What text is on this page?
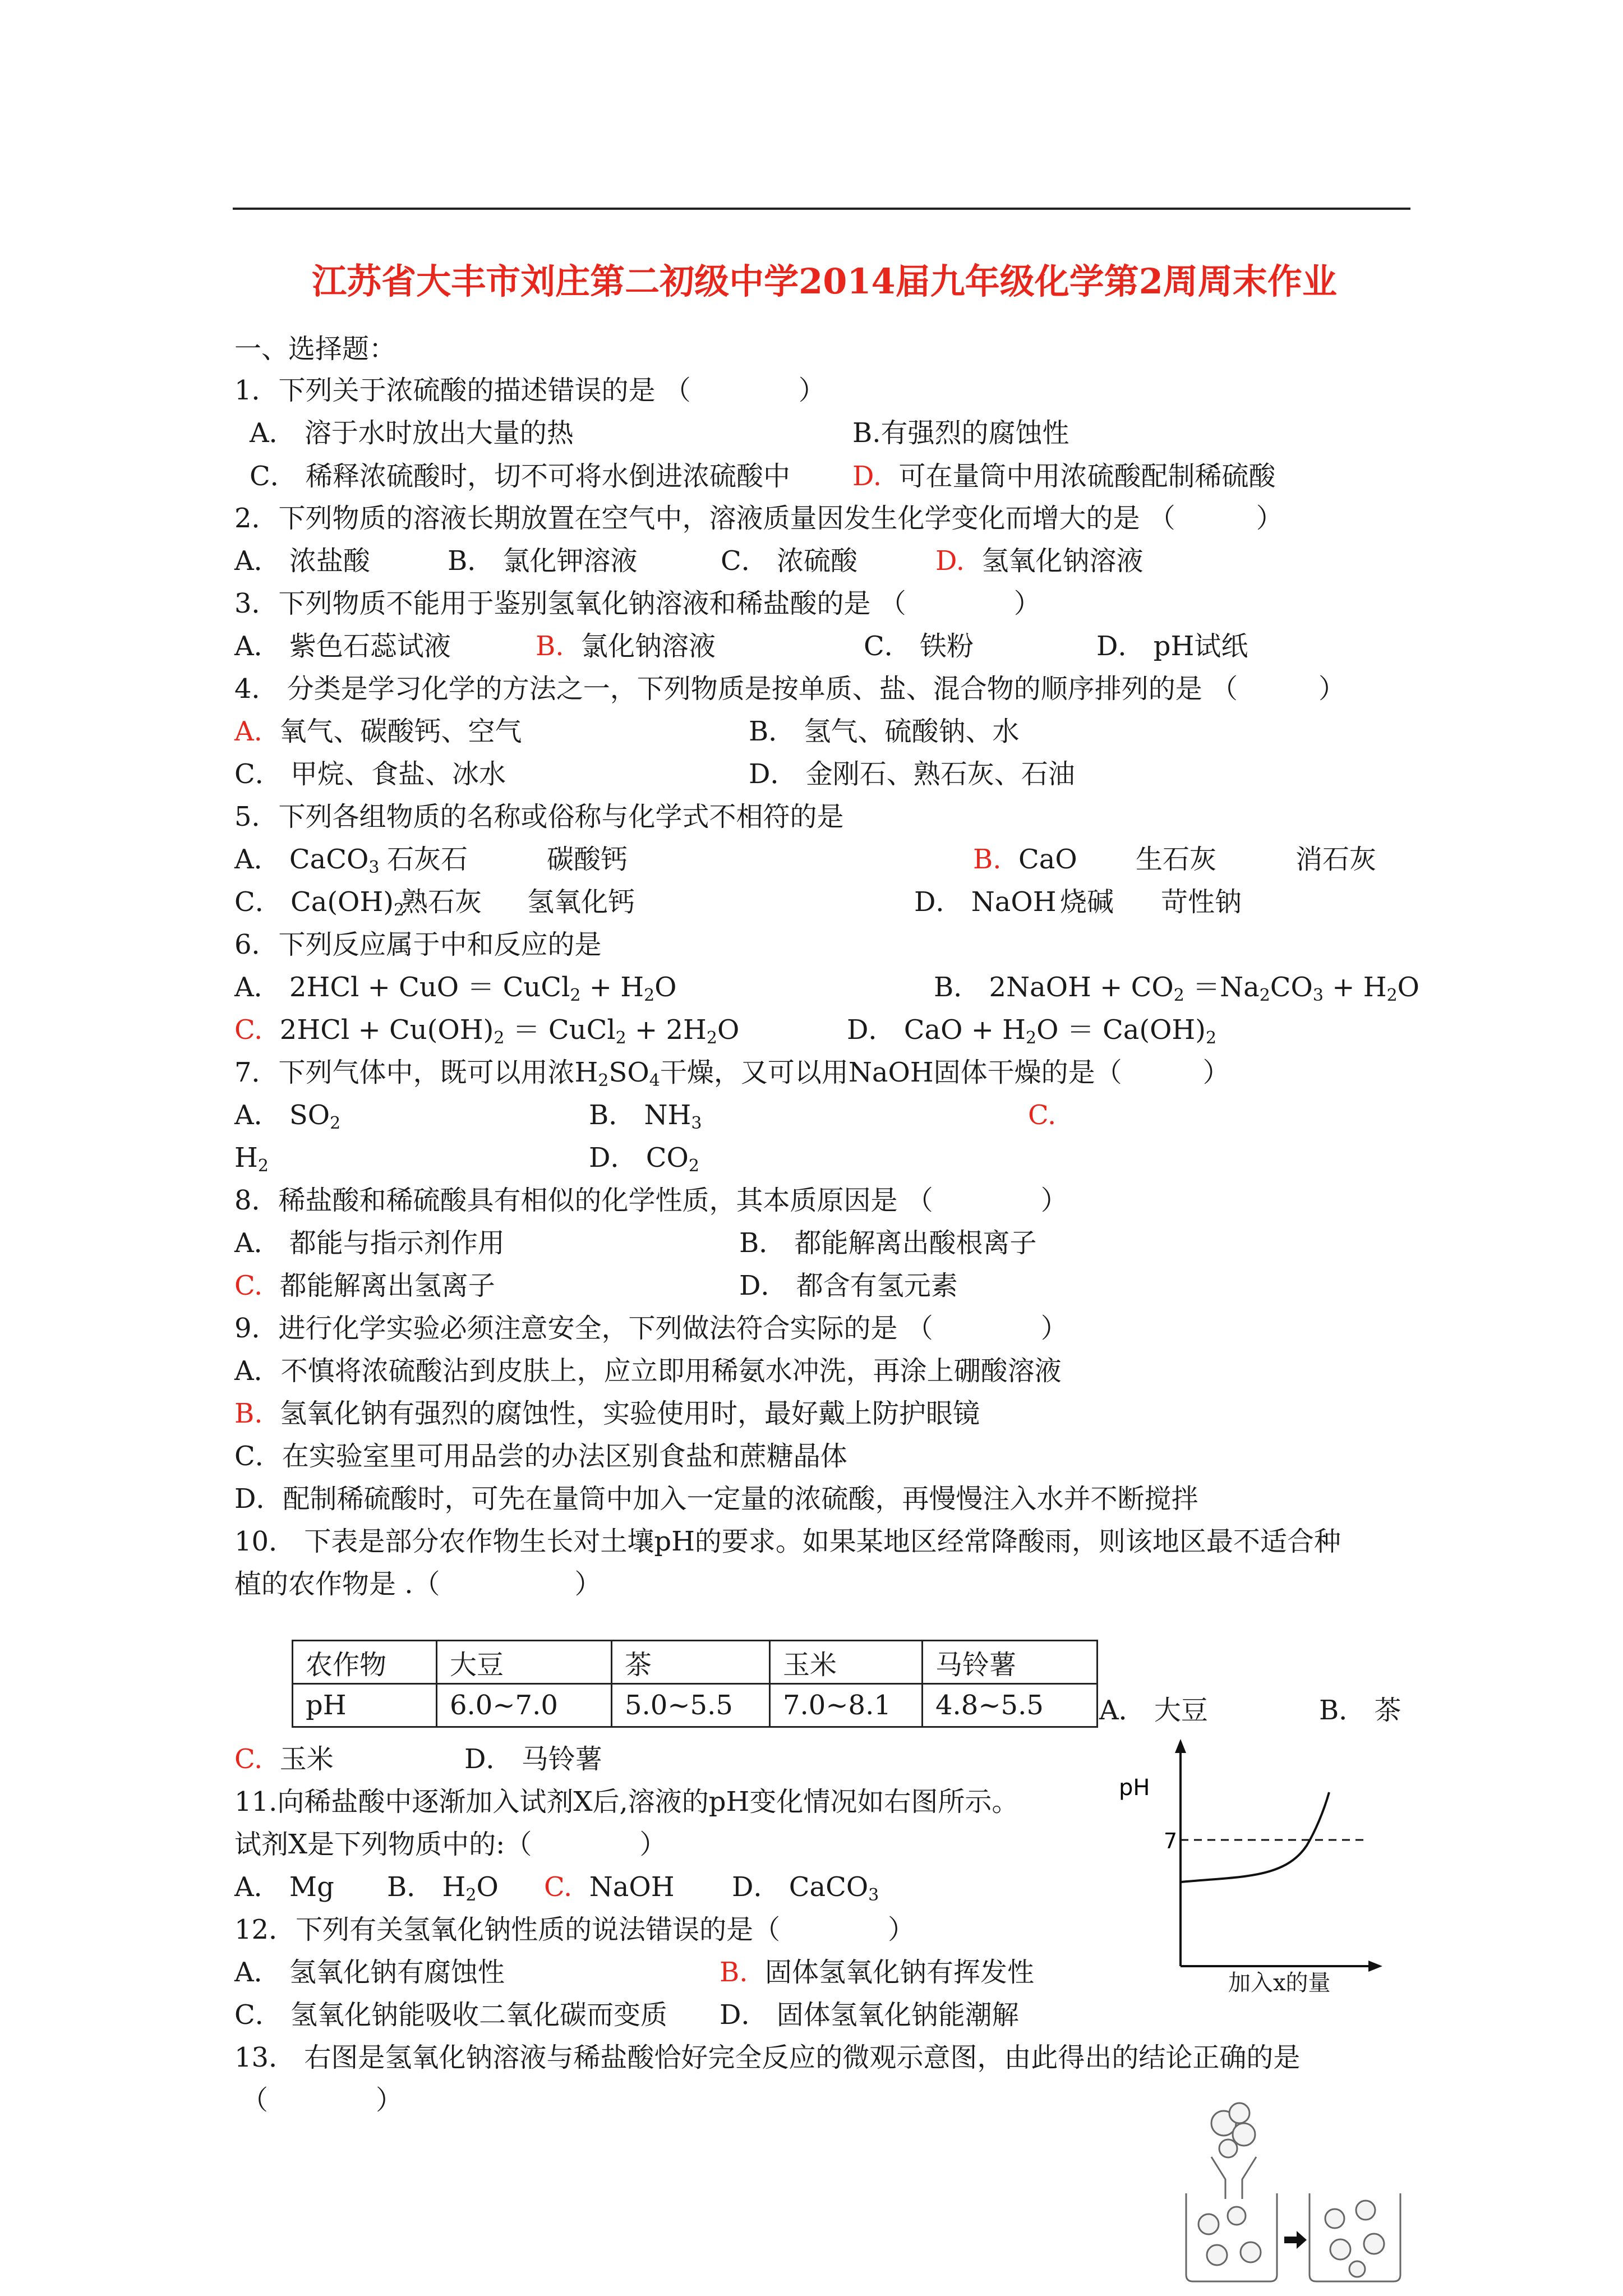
江苏省大丰市刘庄第二初级中学2014届九年级化学第2周周末作业
一、选择题：
1．下列关于浓硫酸的描述错误的是 （　　　　）
A． 溶于水时放出大量的热	B.有强烈的腐蚀性
C． 稀释浓硫酸时，切不可将水倒进浓硫酸中 D. 可在量筒中用浓硫酸配制稀硫酸
2．下列物质的溶液长期放置在空气中，溶液质量因发生化学变化而增大的是 （　　　）
A． 浓盐酸	B． 氯化钾溶液	C． 浓硫酸	D. 氢氧化钠溶液
3．下列物质不能用于鉴别氢氧化钠溶液和稀盐酸的是 （　　　　）
A． 紫色石蕊试液	B. 氯化钠溶液	C． 铁粉	D． pH试纸
4． 分类是学习化学的方法之一，下列物质是按单质、盐、混合物的顺序排列的是 （　　　）
A. 氧气、碳酸钙、空气	B． 氢气、硫酸钠、水
C． 甲烷、食盐、冰水	D． 金刚石、熟石灰、石油
5．下列各组物质的名称或俗称与化学式不相符的是
A． CaCO$_3$ 石灰石	碳酸钙	B. CaO 生石灰	消石灰
C． $Ca(OH)_2$
熟石灰 氢氧化钙	D． NaOH 烧碱 苛性钠
6．下列反应属于中和反应的是
A． 2HCl + CuO ＝ CuCl$_2$ + $H_2O$	B． 2NaOH + $CO_2 =Na_2CO_3 + H_2O$
C. $2HCl + Cu(OH)_2$ ＝ CuCl$_2$ + $2H_2O$	D． CaO + $H_2O = Ca(OH)_2$
7．下列气体中，既可以用浓$H_2SO_4$干燥，又可以用NaOH固体干燥的是（　　　）
A． $SO_2$	B． $NH_3$	C.
$H_2$	D． $CO_2$
8．稀盐酸和稀硫酸具有相似的化学性质，其本质原因是 （　　　　）
A． 都能与指示剂作用	B． 都能解离出酸根离子
C. 都能解离出氢离子	D． 都含有氢元素
9．进行化学实验必须注意安全，下列做法符合实际的是 （　　　　）
A．不慎将浓硫酸沾到皮肤上，应立即用稀氨水冲洗，再涂上硼酸溶液
B. 氢氧化钠有强烈的腐蚀性，实验使用时，最好戴上防护眼镜
C．在实验室里可用品尝的办法区别食盐和蔗糖晶体
D．配制稀硫酸时，可先在量筒中加入一定量的浓硫酸，再慢慢注入水并不断搅拌
10． 下表是部分农作物生长对土壤pH的要求。如果某地区经常降酸雨，则该地区最不适合种
植的农作物是 .（　　　　　）
农作物	大豆	茶	玉米	马铃薯
pH	6.0~7.0	5.0~5.5	7.0~8.1	4.8~5.5 A． 大豆	B． 茶
C. 玉米	D． 马铃薯
11.向稀盐酸中逐渐加入试剂X后,溶液的pH变化情况如右图所示。
试剂X是下列物质中的:（　　　　）
A． Mg B． $H_2O$ C. NaOH D． CaCO$_3$
pH
7
加入x的量
12．下列有关氢氧化钠性质的说法错误的是（　　　　）
A． 氢氧化钠有腐蚀性	B. 固体氢氧化钠有挥发性
C． 氢氧化钠能吸收二氧化碳而变质 D． 固体氢氧化钠能潮解
13． 右图是氢氧化钠溶液与稀盐酸恰好完全反应的微观示意图，由此得出的结论正确的是
（　　　　）
